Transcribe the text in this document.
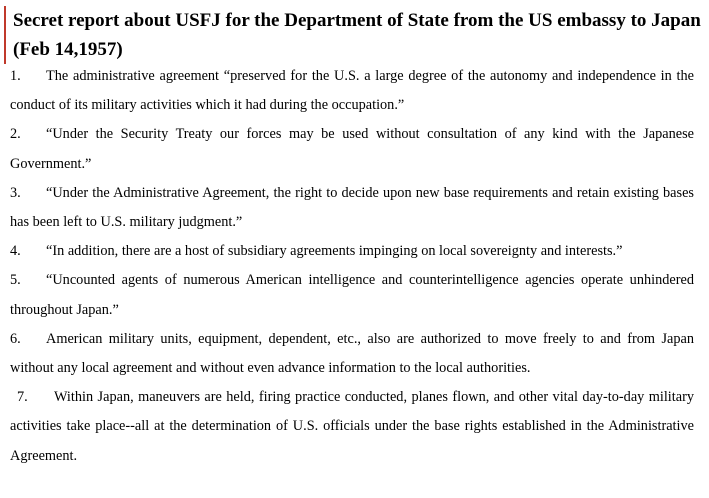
Secret report about USFJ for the Department of State from the US embassy to Japan (Feb 14,1957)

1. The administrative agreement “preserved for the U.S. a large degree of the autonomy and independence in the conduct of its military activities which it had during the occupation.”

2. “Under the Security Treaty our forces may be used without consultation of any kind with the Japanese Government.”

3. “Under the Administrative Agreement, the right to decide upon new base requirements and retain existing bases has been left to U.S. military judgment.”

4. “In addition, there are a host of subsidiary agreements impinging on local sovereignty and interests.”

5. “Uncounted agents of numerous American intelligence and counterintelligence agencies operate unhindered throughout Japan.”

6. American military units, equipment, dependent, etc., also are authorized to move freely to and from Japan without any local agreement and without even advance information to the local authorities.

7. Within Japan, maneuvers are held, firing practice conducted, planes flown, and other vital day-to-day military activities take place--all at the determination of U.S. officials under the base rights established in the Administrative Agreement.
